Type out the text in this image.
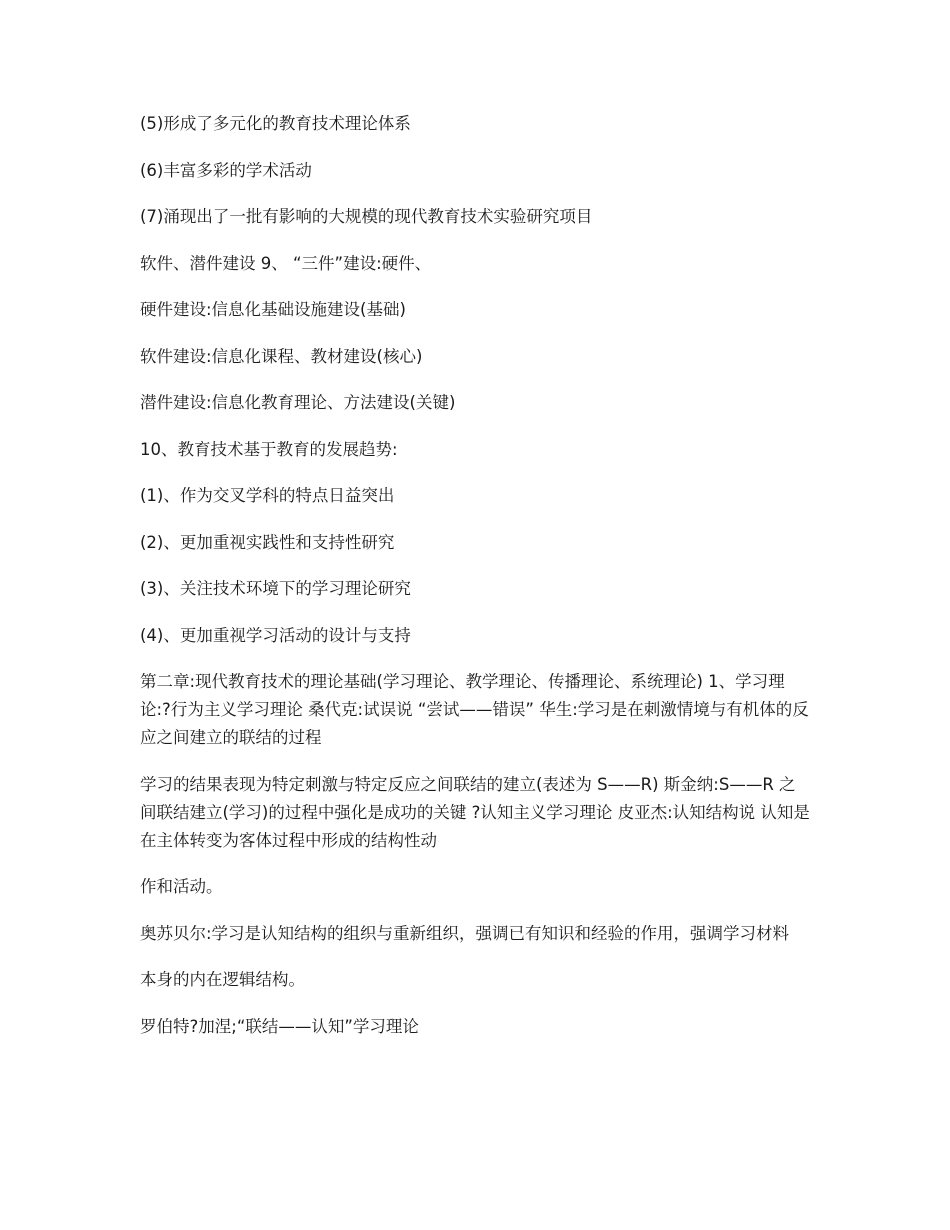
(5)形成了多元化的教育技术理论体系

(6)丰富多彩的学术活动

(7)涌现出了一批有影响的大规模的现代教育技术实验研究项目

软件、潜件建设 9、 “三件”建设:硬件、

硬件建设:信息化基础设施建设(基础)

软件建设:信息化课程、教材建设(核心)

潜件建设:信息化教育理论、方法建设(关键)

10、教育技术基于教育的发展趋势:

(1)、作为交叉学科的特点日益突出

(2)、更加重视实践性和支持性研究

(3)、关注技术环境下的学习理论研究

(4)、更加重视学习活动的设计与支持

第二章:现代教育技术的理论基础(学习理论、教学理论、传播理论、系统理论) 1、学习理论:?行为主义学习理论 桑代克:试误说 “尝试——错误” 华生:学习是在刺激情境与有机体的反应之间建立的联结的过程

学习的结果表现为特定刺激与特定反应之间联结的建立(表述为 S——R) 斯金纳:S——R 之间联结建立(学习)的过程中强化是成功的关键 ?认知主义学习理论 皮亚杰:认知结构说 认知是在主体转变为客体过程中形成的结构性动

作和活动。

奥苏贝尔:学习是认知结构的组织与重新组织，强调已有知识和经验的作用，强调学习材料

本身的内在逻辑结构。

罗伯特?加涅;“联结——认知”学习理论
